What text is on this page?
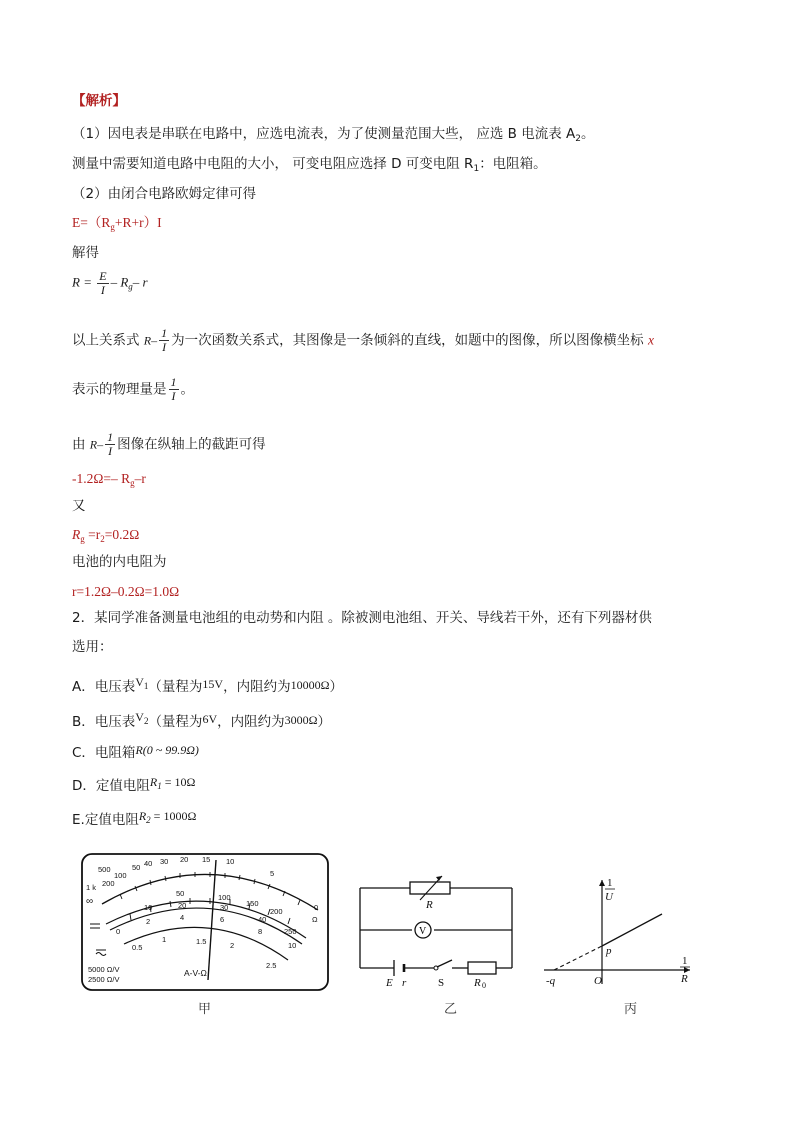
【解析】
（1）因电表是串联在电路中，应选电流表，为了使测量范围大些， 应选 B 电流表 $A_2$。
测量中需要知道电路中电阻的大小， 可变电阻应选择 D 可变电阻 $R_1$：电阻箱。
（2）由闭合电路欧姆定律可得
$E=(R_g+R+r)I$
解得
$R = \frac{E}{I} - R_g-$ r
以上关系式 $R- \frac{1}{I}$ 为一次函数关系式，其图像是一条倾斜的直线，如题中的图像，所以图像横坐标 x
表示的物理量是 $\frac{1}{I}$ 。
由 $R- \frac{1}{I}$ 图像在纵轴上的截距可得
-1.2Ω=– $R_g-r$
又
$R_g =r_2=0.2\Omega$
电池的内电阻为
r=1.2Ω–0.2Ω=1.0Ω
2．某同学准备测量电池组的电动势和内阻 。除被测电池组、开关、导线若干外，还有下列器材供
选用：
A．电压表$V_1$（量程为15V，内阻约为10000Ω）
B．电压表$V_2$（量程为6V，内阻约为3000Ω）
C．电阻箱R(0 ~ 99.9Ω)
D．定值电阻$R_1 = 10\Omega$
E.定值电阻$R_2 = 1000\Omega$
500
100
50 40 30 20 15 10
5
1 k 200
∞
0
Ω
50	100
150
200
250
10	20	30
40
0
2	4	6
8
10
0.5
1	1.5	2
2.5
A-V-Ω
5000 Ω/V
2500 Ω/V
甲
V
R
E r	S	R 0
乙
1
U
1
R
p
-q	O
丙
